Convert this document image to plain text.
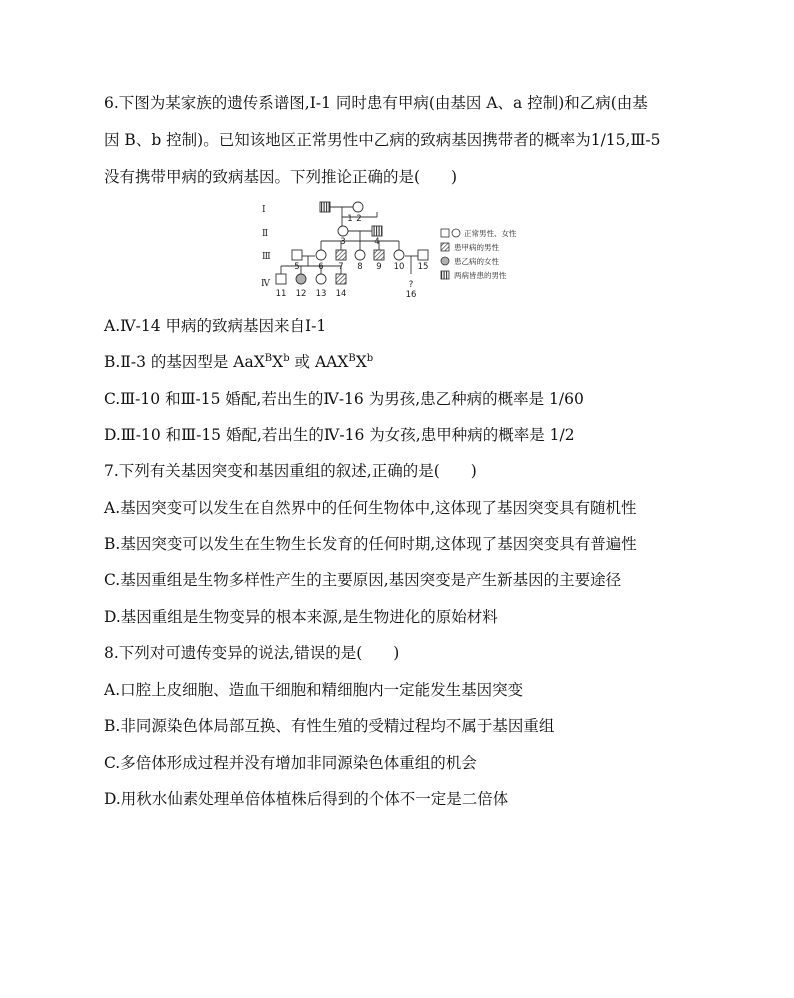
6.下图为某家族的遗传系谱图,Ⅰ-1 同时患有甲病(由基因 A、a 控制)和乙病(由基
因 B、b 控制)。已知该地区正常男性中乙病的致病基因携带者的概率为1/15,Ⅲ-5
没有携带甲病的致病基因。下列推论正确的是(　　)
Ⅰ
Ⅱ
Ⅲ
Ⅳ
1 2
3	4
5 6 7 8 9 10 15
?
11 12 13 14	16
正常男性、女性
患甲病的男性
患乙病的女性
两病皆患的男性
A.Ⅳ-14 甲病的致病基因来自Ⅰ-1
B.Ⅱ-3 的基因型是 $AaX^BX^b$ 或 $AAX^BX^b$
C.Ⅲ-10 和Ⅲ-15 婚配,若出生的Ⅳ-16 为男孩,患乙种病的概率是 1/60
D.Ⅲ-10 和Ⅲ-15 婚配,若出生的Ⅳ-16 为女孩,患甲种病的概率是 1/2
7.下列有关基因突变和基因重组的叙述,正确的是(　　)
A.基因突变可以发生在自然界中的任何生物体中,这体现了基因突变具有随机性
B.基因突变可以发生在生物生长发育的任何时期,这体现了基因突变具有普遍性
C.基因重组是生物多样性产生的主要原因,基因突变是产生新基因的主要途径
D.基因重组是生物变异的根本来源,是生物进化的原始材料
8.下列对可遗传变异的说法,错误的是(　　)
A.口腔上皮细胞、造血干细胞和精细胞内一定能发生基因突变
B.非同源染色体局部互换、有性生殖的受精过程均不属于基因重组
C.多倍体形成过程并没有增加非同源染色体重组的机会
D.用秋水仙素处理单倍体植株后得到的个体不一定是二倍体
